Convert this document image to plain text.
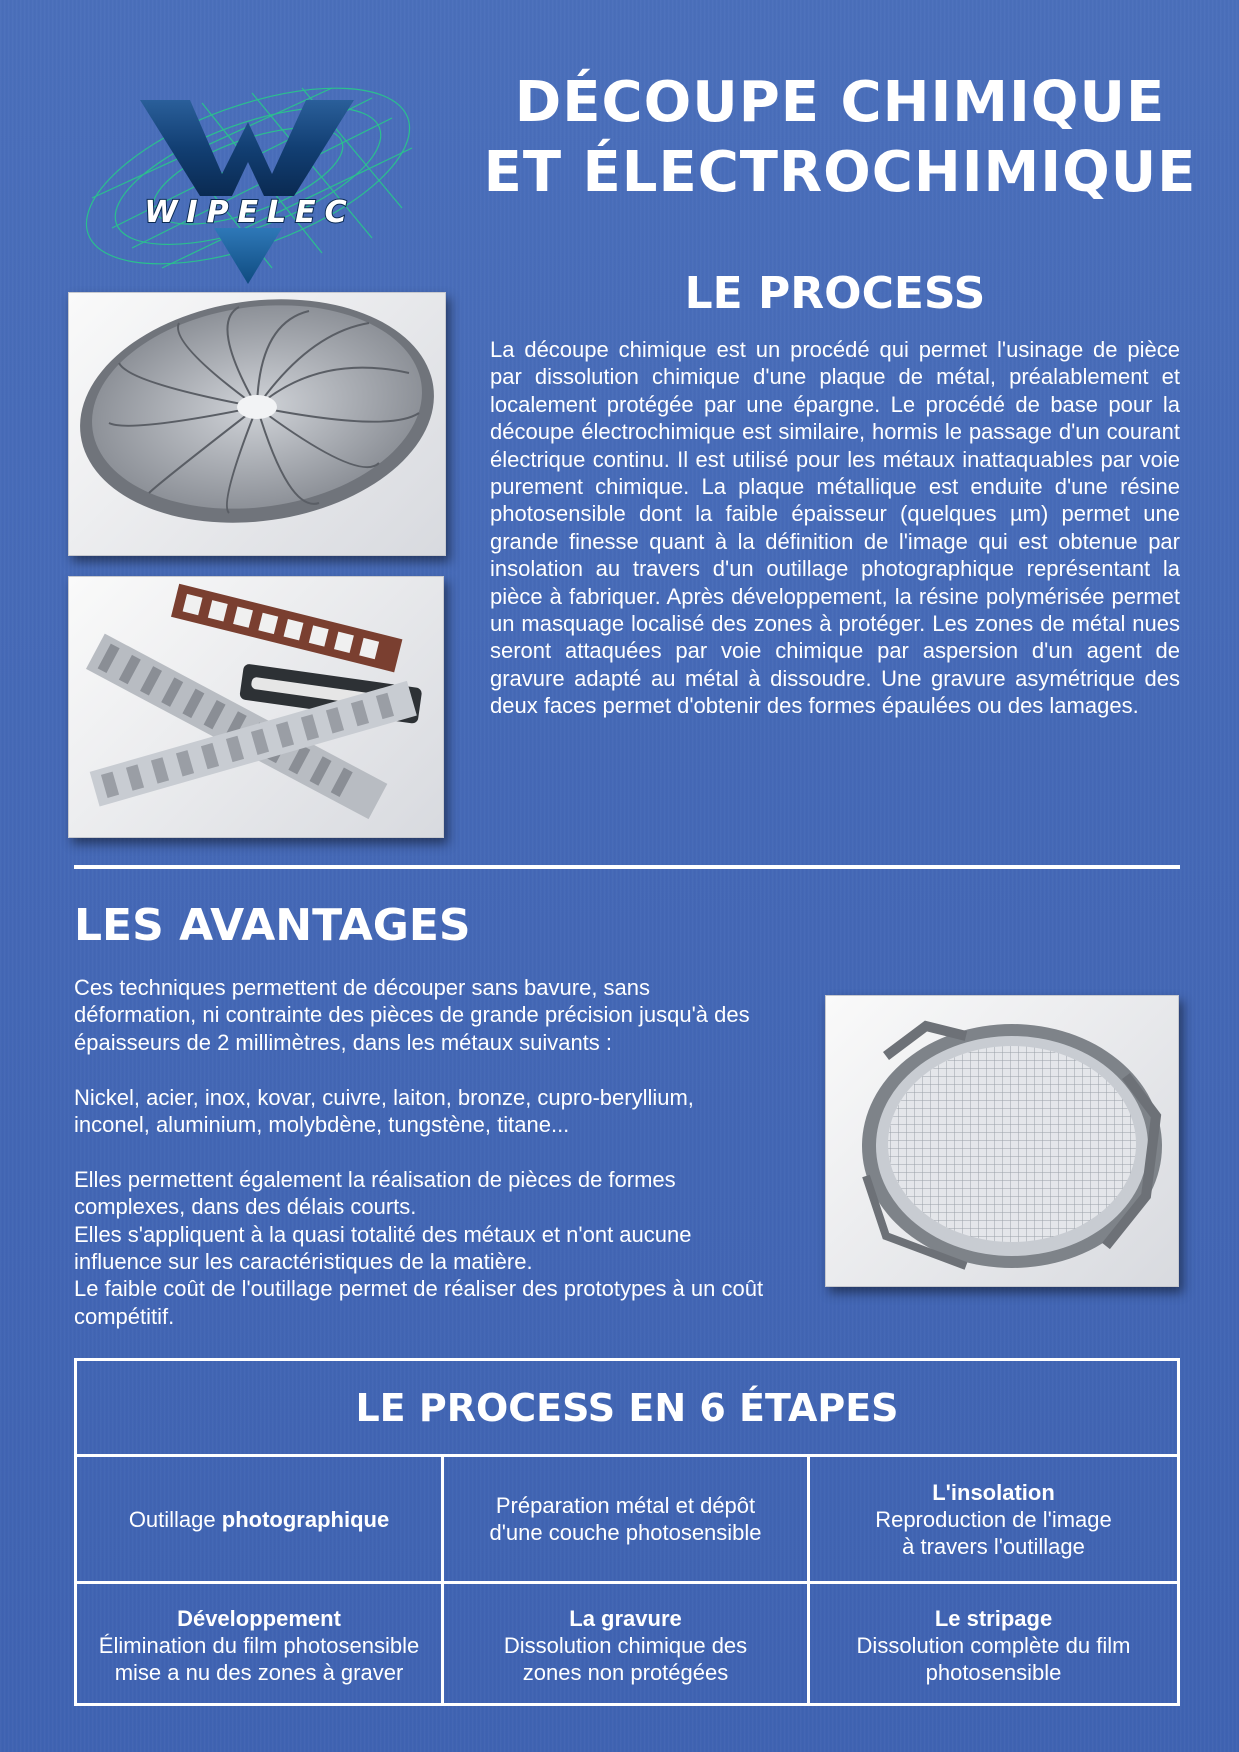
WIPELEC
DÉCOUPE CHIMIQUE
ET ÉLECTROCHIMIQUE
LE PROCESS
La découpe chimique est un procédé qui permet l'usinage de pièce par dissolution chimique d'une plaque de métal, préalablement et localement protégée par une épargne. Le procédé de base pour la découpe électrochimique est similaire, hormis le passage d'un courant électrique continu. Il est utilisé pour les métaux inattaquables par voie purement chimique. La plaque métallique est enduite d'une résine photosensible dont la faible épaisseur (quelques µm) permet une grande finesse quant à la définition de l'image qui est obtenue par insolation au travers d'un outillage photographique représentant la pièce à fabriquer. Après développement, la résine polymérisée permet un masquage localisé des zones à protéger. Les zones de métal nues seront attaquées par voie chimique par aspersion d'un agent de gravure adapté au métal à dissoudre. Une gravure asymétrique des deux faces permet d'obtenir des formes épaulées ou des lamages.
LES AVANTAGES

Ces techniques permettent de découper sans bavure, sans déformation, ni contrainte des pièces de grande précision jusqu'à des épaisseurs de 2 millimètres, dans les métaux suivants :

Nickel, acier, inox, kovar, cuivre, laiton, bronze, cupro-beryllium, inconel, aluminium, molybdène, tungstène, titane...

Elles permettent également la réalisation de pièces de formes complexes, dans des délais courts.

Elles s'appliquent à la quasi totalité des métaux et n'ont aucune influence sur les caractéristiques de la matière.

Le faible coût de l'outillage permet de réaliser des prototypes à un coût compétitif.

LE PROCESS EN 6 ÉTAPES
Outillage photographique
Préparation métal et dépôt
d'une couche photosensible
L'insolation
Reproduction de l'image
à travers l'outillage
Développement
Élimination du film photosensible
mise a nu des zones à graver
La gravure
Dissolution chimique des
zones non protégées
Le stripage
Dissolution complète du film
photosensible
